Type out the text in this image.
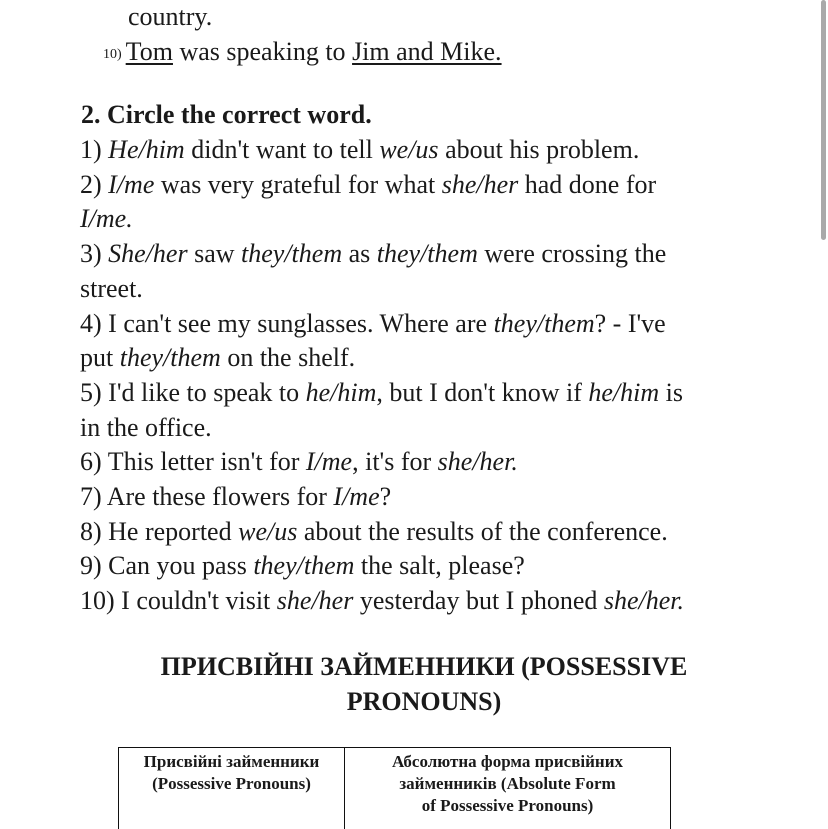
country.
10) Tom was speaking to Jim and Mike.
2. Circle the correct word.
1) He/him didn't want to tell we/us about his problem.
2) I/me was very grateful for what she/her had done for
I/me.
3) She/her saw they/them as they/them were crossing the
street.
4) I can't see my sunglasses. Where are they/them? - I've
put they/them on the shelf.
5) I'd like to speak to he/him, but I don't know if he/him is
in the office.
6) This letter isn't for I/me, it's for she/her.
7) Are these flowers for I/me?
8) He reported we/us about the results of the conference.
9) Can you pass they/them the salt, please?
10) I couldn't visit she/her yesterday but I phoned she/her.
ПРИСВІЙНІ ЗАЙМЕННИКИ (POSSESSIVE
PRONOUNS)
Присвійні займенники
(Possessive Pronouns)

Абсолютна форма присвійних
займенників (Absolute Form
of Possessive Pronouns)
